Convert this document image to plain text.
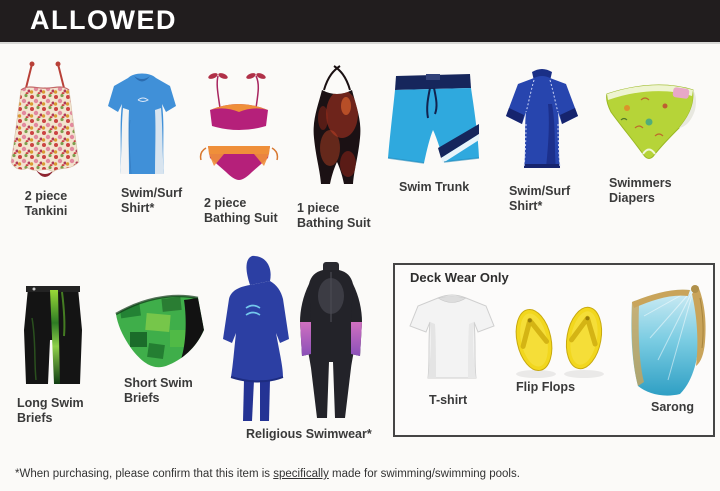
ALLOWED
2 piece
Tankini
Swim/Surf
Shirt*	2 piece
Bathing Suit
1 piece
Bathing Suit
Swim Trunk	Swim/Surf
Shirt*
Swimmers
Diapers
Long Swim
Briefs
Short Swim
Briefs
Religious Swimwear*
Deck Wear Only
T-shirt
Flip Flops
Sarong
*When purchasing, please confirm that this item is specifically made for swimming/swimming pools.
